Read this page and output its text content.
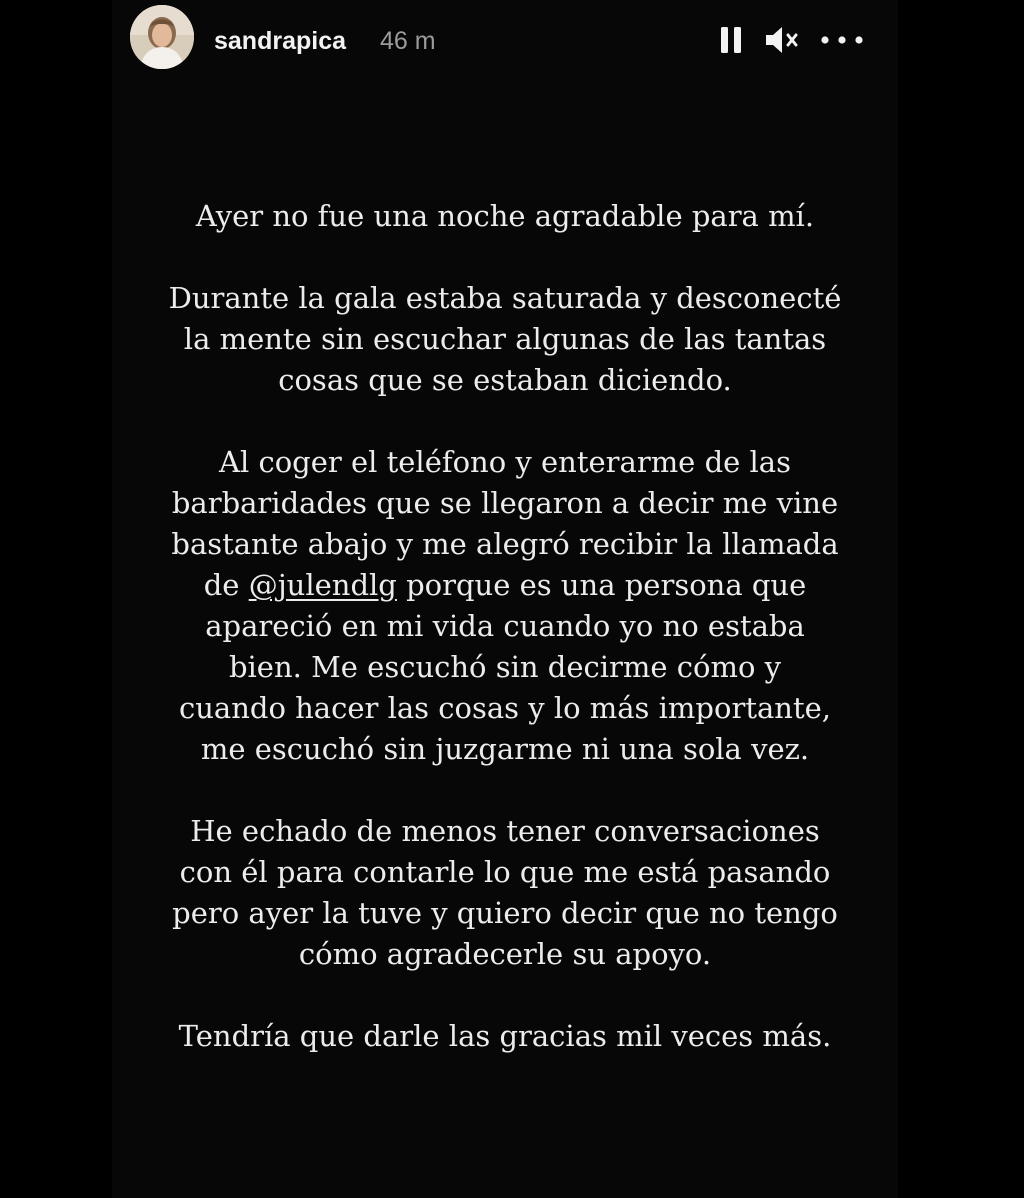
sandrapica 46 m
Ayer no fue una noche agradable para mí.
Durante la gala estaba saturada y desconecté
la mente sin escuchar algunas de las tantas
cosas que se estaban diciendo.
Al coger el teléfono y enterarme de las
barbaridades que se llegaron a decir me vine
bastante abajo y me alegró recibir la llamada
de @julendlg porque es una persona que
apareció en mi vida cuando yo no estaba
bien. Me escuchó sin decirme cómo y
cuando hacer las cosas y lo más importante,
me escuchó sin juzgarme ni una sola vez.
He echado de menos tener conversaciones
con él para contarle lo que me está pasando
pero ayer la tuve y quiero decir que no tengo
cómo agradecerle su apoyo.
Tendría que darle las gracias mil veces más.
